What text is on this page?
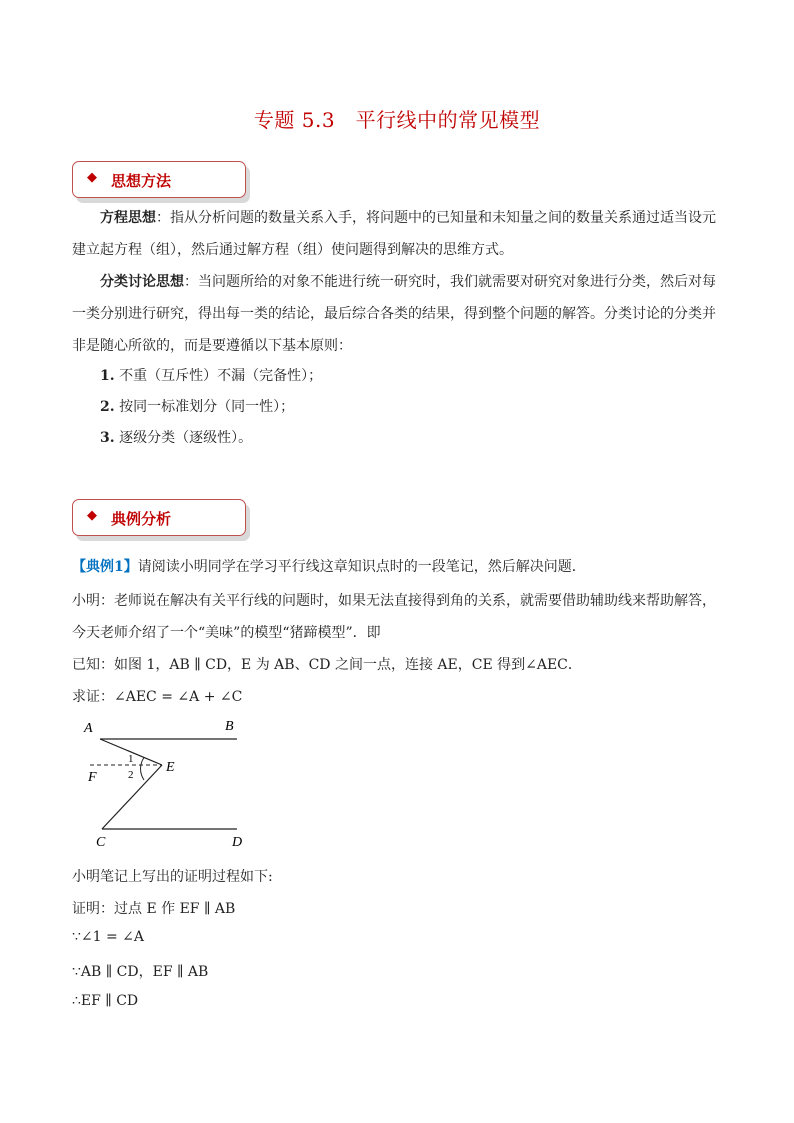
专题 5.3　平行线中的常见模型
◆ 思想方法
方程思想：指从分析问题的数量关系入手，将问题中的已知量和未知量之间的数量关系通过适当设元建立起方程（组），然后通过解方程（组）使问题得到解决的思维方式。
分类讨论思想：当问题所给的对象不能进行统一研究时，我们就需要对研究对象进行分类，然后对每一类分别进行研究，得出每一类的结论，最后综合各类的结果，得到整个问题的解答。分类讨论的分类并非是随心所欲的，而是要遵循以下基本原则：
1. 不重（互斥性）不漏（完备性）；
2. 按同一标准划分（同一性）；
3. 逐级分类（逐级性）。
◆ 典例分析
【典例1】请阅读小明同学在学习平行线这章知识点时的一段笔记，然后解决问题．
小明：老师说在解决有关平行线的问题时，如果无法直接得到角的关系，就需要借助辅助线来帮助解答，
今天老师介绍了一个“美味”的模型“猪蹄模型”．即
已知：如图 1，AB ∥ CD，E 为 AB、CD 之间一点，连接 AE，CE 得到∠AEC．
求证：∠AEC = ∠A + ∠C
A	B
E
F
C	D
1
2
小明笔记上写出的证明过程如下:
证明：过点 E 作 EF ∥ AB
∵∠1 = ∠A
∵AB ∥ CD，EF ∥ AB
∴EF ∥ CD
